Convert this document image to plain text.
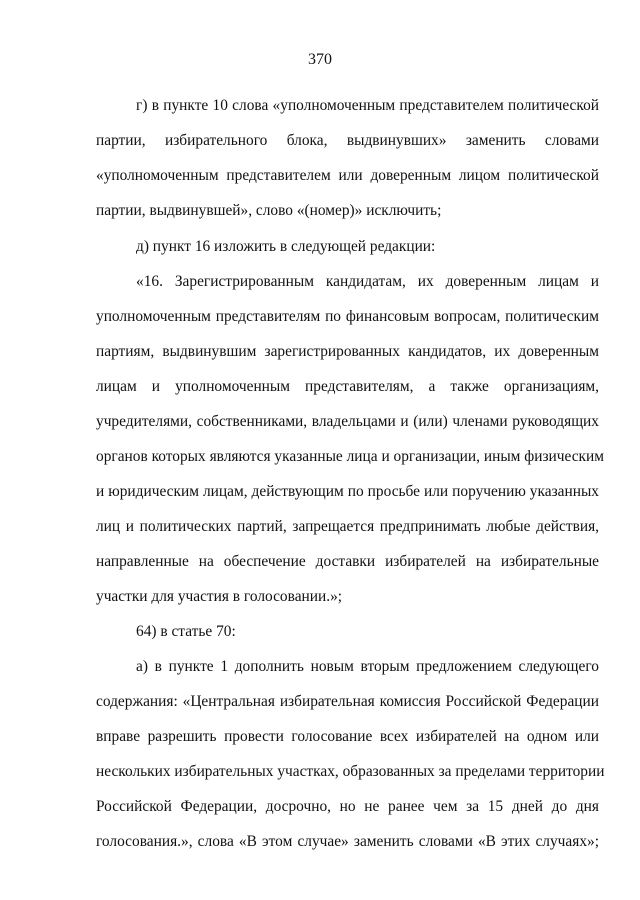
370
г) в пункте 10 слова «уполномоченным представителем политической
партии, избирательного блока, выдвинувших» заменить словами
«уполномоченным представителем или доверенным лицом политической
партии, выдвинувшей», слово «(номер)» исключить;
д) пункт 16 изложить в следующей редакции:
«16. Зарегистрированным кандидатам, их доверенным лицам и
уполномоченным представителям по финансовым вопросам, политическим
партиям, выдвинувшим зарегистрированных кандидатов, их доверенным
лицам и уполномоченным представителям, а также организациям,
учредителями, собственниками, владельцами и (или) членами руководящих
органов которых являются указанные лица и организации, иным физическим
и юридическим лицам, действующим по просьбе или поручению указанных
лиц и политических партий, запрещается предпринимать любые действия,
направленные на обеспечение доставки избирателей на избирательные
участки для участия в голосовании.»;
64) в статье 70:
а) в пункте 1 дополнить новым вторым предложением следующего
содержания: «Центральная избирательная комиссия Российской Федерации
вправе разрешить провести голосование всех избирателей на одном или
нескольких избирательных участках, образованных за пределами территории
Российской Федерации, досрочно, но не ранее чем за 15 дней до дня
голосования.», слова «В этом случае» заменить словами «В этих случаях»;
